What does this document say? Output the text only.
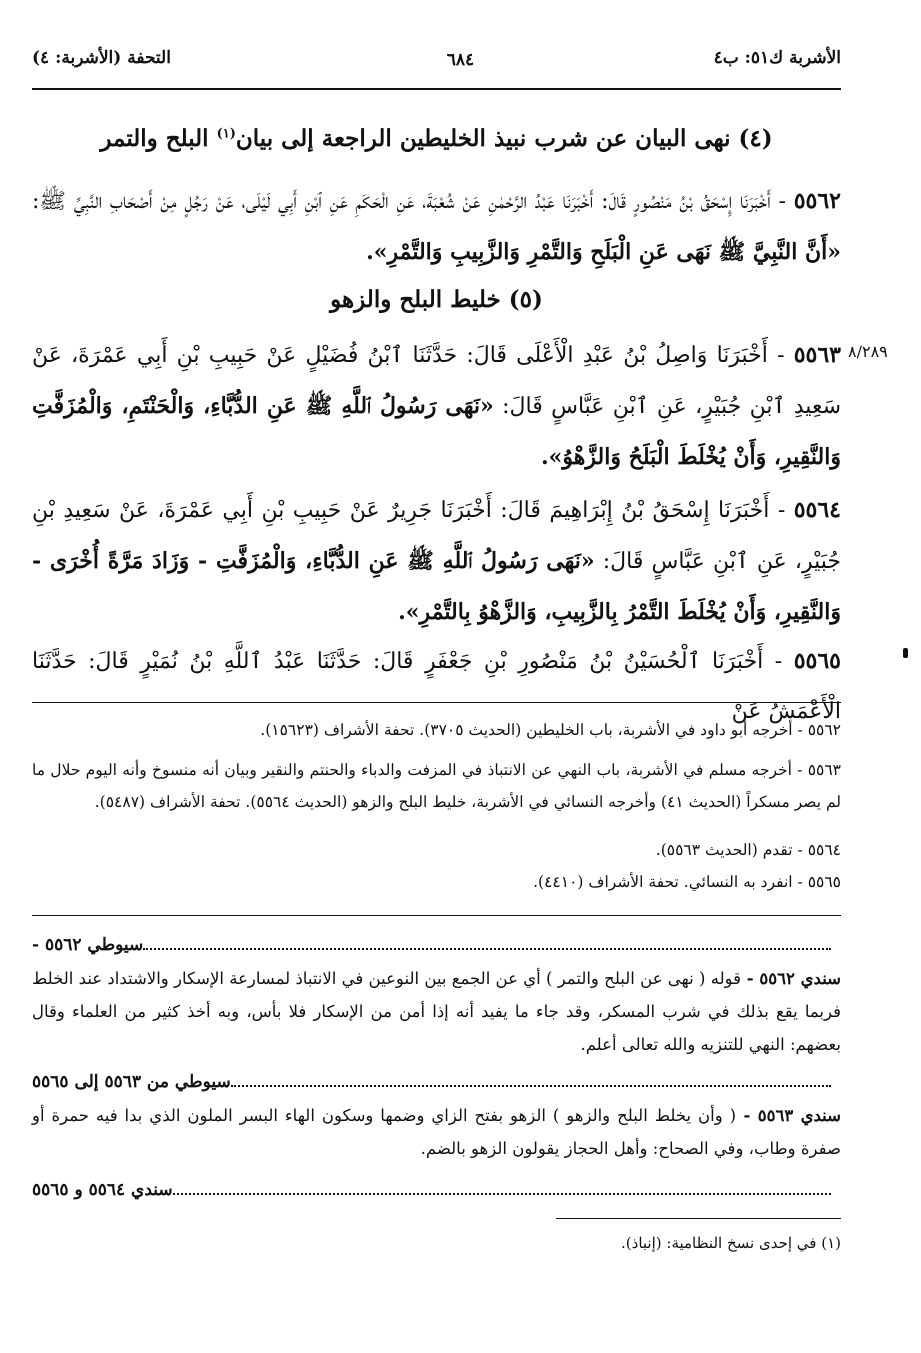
الأشربة ك٥١: ب٤
٦٨٤
التحفة (الأشربة: ٤)
(٤) نهى البيان عن شرب نبيذ الخليطين الراجعة إلى بيان$^{(١)}$ البلح والتمر
٥٥٦٢ - أَخْبَرَنَا إِسْحَقُ بْنُ مَنْصُورٍ قَالَ: أَخْبَرَنَا عَبْدُ الرَّحْمٰنِ عَنْ شُعْبَةَ، عَنِ الْحَكَمِ عَنِ ٱبْنِ أَبِي لَيْلَى، عَنْ رَجُلٍ مِنْ أَصْحَابِ النَّبِيِّ ﷺ: «أَنَّ النَّبِيَّ ﷺ نَهَى عَنِ الْبَلَحِ وَالتَّمْرِ وَالزَّبِيبِ وَالتَّمْرِ».
(٥) خليط البلح والزهو
٨/٢٨٩
٥٥٦٣ - أَخْبَرَنَا وَاصِلُ بْنُ عَبْدِ الْأَعْلَى قَالَ: حَدَّثَنَا ٱبْنُ فُضَيْلٍ عَنْ حَبِيبِ بْنِ أَبِي عَمْرَةَ، عَنْ سَعِيدِ ٱبْنِ جُبَيْرٍ، عَنِ ٱبْنِ عَبَّاسٍ قَالَ: «نَهَى رَسُولُ ٱللَّهِ ﷺ عَنِ الدُّبَّاءِ، وَالْحَنْتَمِ، وَالْمُزَفَّتِ وَالنَّقِيرِ، وَأَنْ يُخْلَطَ الْبَلَحُ وَالزَّهْوُ».
٥٥٦٤ - أَخْبَرَنَا إِسْحَقُ بْنُ إِبْرَاهِيمَ قَالَ: أَخْبَرَنَا جَرِيرٌ عَنْ حَبِيبِ بْنِ أَبِي عَمْرَةَ، عَنْ سَعِيدِ بْنِ جُبَيْرٍ، عَنِ ٱبْنِ عَبَّاسٍ قَالَ: «نَهَى رَسُولُ ٱللَّهِ ﷺ عَنِ الدُّبَّاءِ، وَالْمُزَفَّتِ - وَزَادَ مَرَّةً أُخْرَى - وَالنَّقِيرِ، وَأَنْ يُخْلَطَ التَّمْرُ بِالزَّبِيبِ، وَالزَّهْوُ بِالتَّمْرِ».
٥٥٦٥ - أَخْبَرَنَا ٱلْحُسَيْنُ بْنُ مَنْصُورِ بْنِ جَعْفَرٍ قَالَ: حَدَّثَنَا عَبْدُ ٱللَّهِ بْنُ نُمَيْرٍ قَالَ: حَدَّثَنَا الْأَعْمَشُ عَنْ
٥٥٦٢ - أخرجه أبو داود في الأشربة، باب الخليطين (الحديث ٣٧٠٥). تحفة الأشراف (١٥٦٢٣).
٥٥٦٣ - أخرجه مسلم في الأشربة، باب النهي عن الانتباذ في المزفت والدباء والحنتم والنقير وبيان أنه منسوخ وأنه اليوم حلال ما لم يصر مسكراً (الحديث ٤١) وأخرجه النسائي في الأشربة، خليط البلح والزهو (الحديث ٥٥٦٤). تحفة الأشراف (٥٤٨٧).
٥٥٦٤ - تقدم (الحديث ٥٥٦٣).
٥٥٦٥ - انفرد به النسائي. تحفة الأشراف (٤٤١٠).
سيوطي ٥٥٦٢ -
سندي ٥٥٦٢ - قوله ( نهى عن البلح والتمر ) أي عن الجمع بين النوعين في الانتباذ لمسارعة الإسكار والاشتداد عند الخلط فربما يقع بذلك في شرب المسكر، وقد جاء ما يفيد أنه إذا أمن من الإسكار فلا بأس، وبه أخذ كثير من العلماء وقال بعضهم: النهي للتنزيه والله تعالى أعلم.
سيوطي من ٥٥٦٣ إلى ٥٥٦٥
سندي ٥٥٦٣ - ( وأن يخلط البلح والزهو ) الزهو بفتح الزاي وضمها وسكون الهاء البسر الملون الذي بدا فيه حمرة أو صفرة وطاب، وفي الصحاح: وأهل الحجاز يقولون الزهو بالضم.
سندي ٥٥٦٤ و ٥٥٦٥
(١) في إحدى نسخ النظامية: (إنباذ).
